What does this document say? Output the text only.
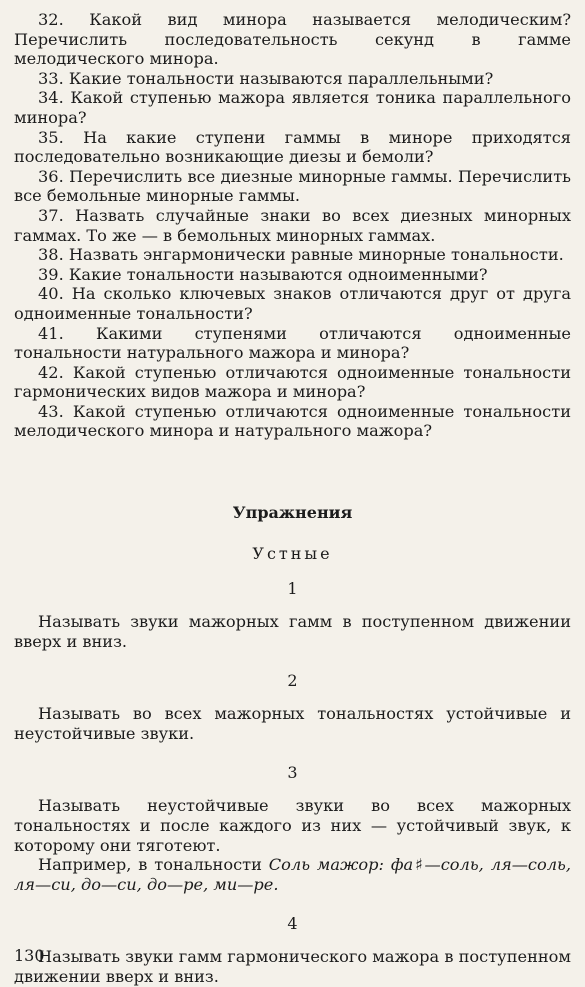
32. Какой вид минора называется мелодическим? Перечислить последовательность секунд в гамме мелодического минора.

33. Какие тональности называются параллельными?

34. Какой ступенью мажора является тоника параллельного минора?

35. На какие ступени гаммы в миноре приходятся последовательно возникающие диезы и бемоли?

36. Перечислить все диезные минорные гаммы. Перечислить все бемольные минорные гаммы.

37. Назвать случайные знаки во всех диезных минорных гаммах. То же — в бемольных минорных гаммах.

38. Назвать энгармонически равные минорные тональности.

39. Какие тональности называются одноименными?

40. На сколько ключевых знаков отличаются друг от друга одноименные тональности?

41. Какими ступенями отличаются одноименные тональности натурального мажора и минора?

42. Какой ступенью отличаются одноименные тональности гармонических видов мажора и минора?

43. Какой ступенью отличаются одноименные тональности мелодического минора и натурального мажора?

Упражнения
Устные
1

Называть звуки мажорных гамм в поступенном движении вверх и вниз.

2

Называть во всех мажорных тональностях устойчивые и неустойчивые звуки.

3

Называть неустойчивые звуки во всех мажорных тональностях и после каждого из них — устойчивый звук, к которому они тяготеют.

Например, в тональности Соль мажор: фа♯—соль, ля—соль, ля—си, до—си, до—ре, ми—ре.

4

Называть звуки гамм гармонического мажора в поступенном движении вверх и вниз.

130
